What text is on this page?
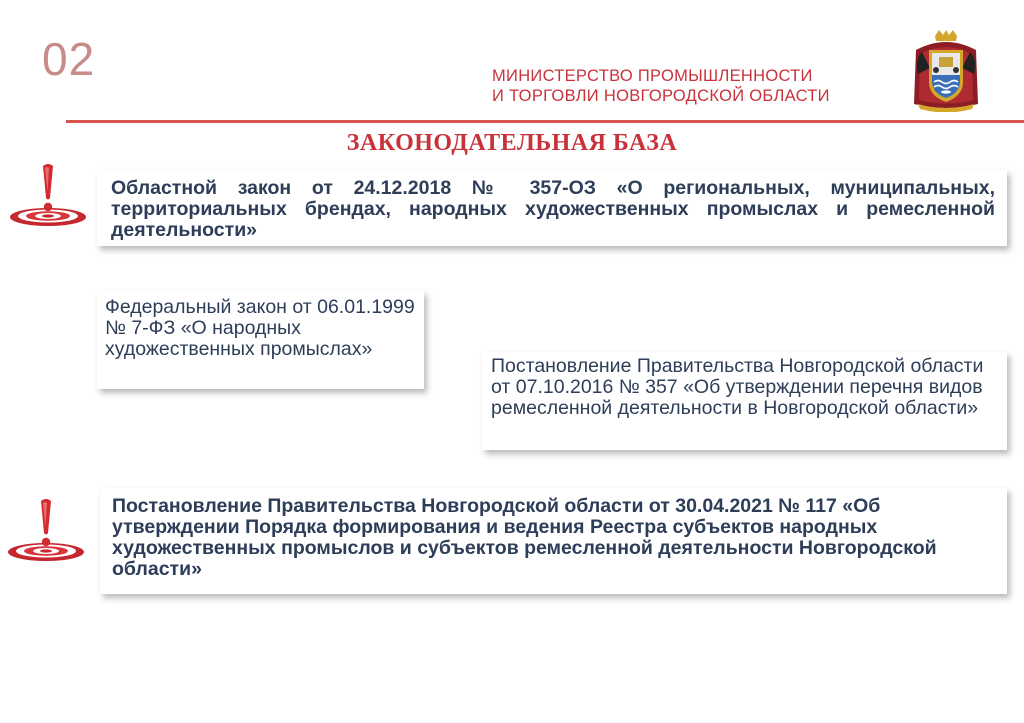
02	МИНИСТЕРСТВО ПРОМЫШЛЕННОСТИ
И ТОРГОВЛИ НОВГОРОДСКОЙ ОБЛАСТИ
ЗАКОНОДАТЕЛЬНАЯ БАЗА

Областной закон от 24.12.2018 № 357-ОЗ «О региональных, муниципальных, территориальных брендах, народных художественных промыслах и ремесленной деятельности»

Федеральный закон от 06.01.1999 № 7-ФЗ «О народных художественных промыслах»

Постановление Правительства Новгородской области от 07.10.2016 № 357 «Об утверждении перечня видов ремесленной деятельности в Новгородской области»

Постановление Правительства Новгородской области от 30.04.2021 № 117 «Об утверждении Порядка формирования и ведения Реестра субъектов народных художественных промыслов и субъектов ремесленной деятельности Новгородской области»
